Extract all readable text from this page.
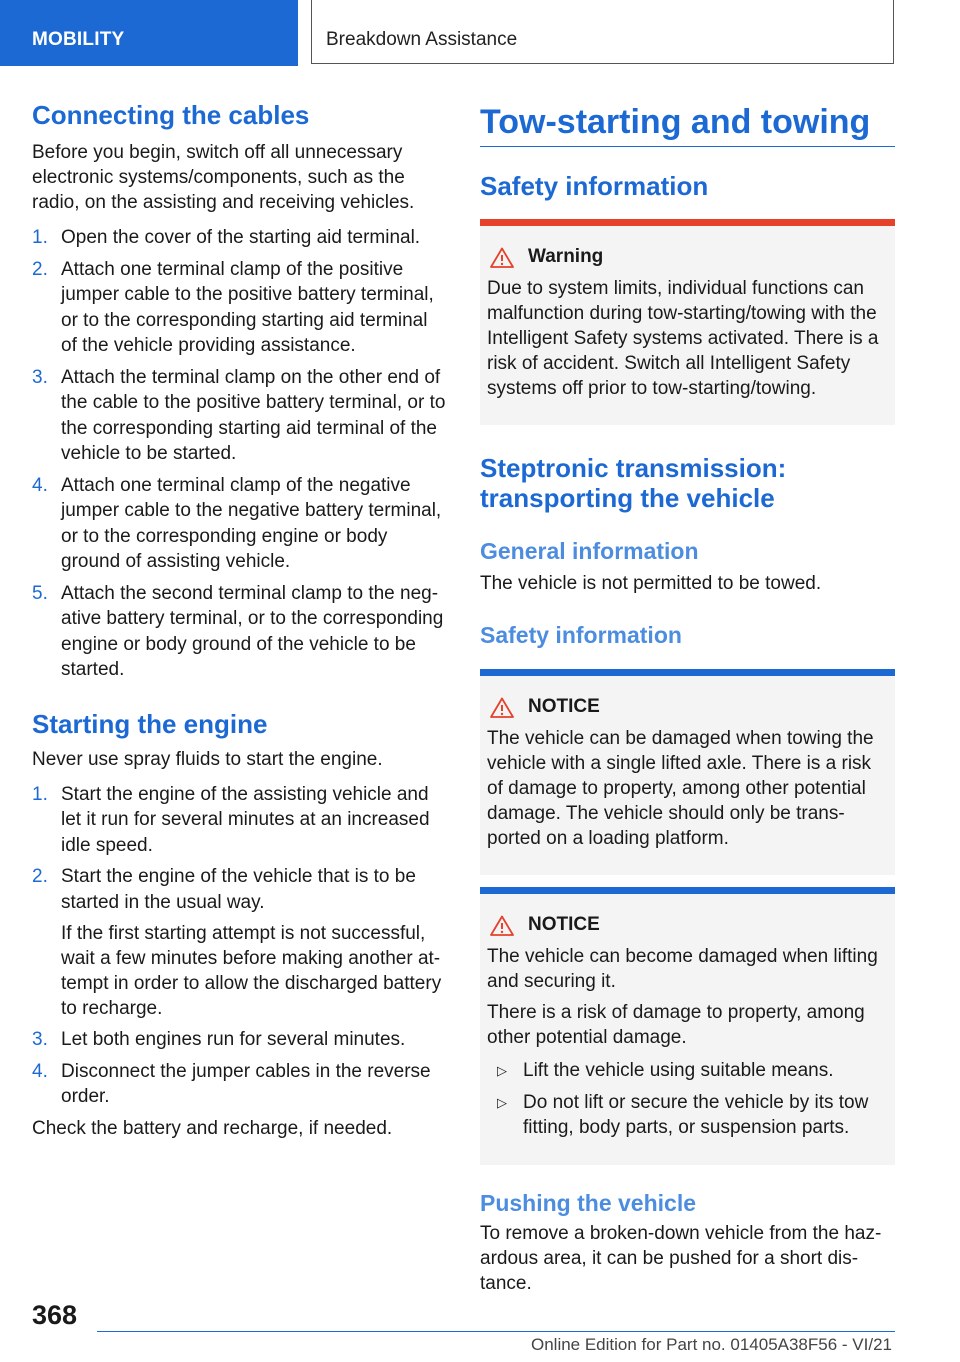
MOBILITY	Breakdown Assistance
Connecting the cables

Before you begin, switch off all unnecessary electronic systems/components, such as the radio, on the assisting and receiving vehicles.

1. Open the cover of the starting aid terminal.
2. Attach one terminal clamp of the positive jumper cable to the positive battery terminal, or to the corresponding starting aid terminal of the vehicle providing assistance.
3. Attach the terminal clamp on the other end of the cable to the positive battery terminal, or to the corresponding starting aid terminal of the vehicle to be started.
4. Attach one terminal clamp of the negative jumper cable to the negative battery terminal, or to the corresponding engine or body ground of assisting vehicle.
5. Attach the second terminal clamp to the neg‐ative battery terminal, or to the corresponding engine or body ground of the vehicle to be started.
Starting the engine

Never use spray fluids to start the engine.

1. Start the engine of the assisting vehicle and let it run for several minutes at an increased idle speed.
2. Start the engine of the vehicle that is to be started in the usual way.

If the first starting attempt is not successful, wait a few minutes before making another at‐tempt in order to allow the discharged battery to recharge.

3. Let both engines run for several minutes.
4. Disconnect the jumper cables in the reverse order.

Check the battery and recharge, if needed.

Tow-starting and towing
Safety information
Warning

Due to system limits, individual functions can malfunction during tow-starting/towing with the Intelligent Safety systems activated. There is a risk of accident. Switch all Intelligent Safety systems off prior to tow-starting/towing.

Steptronic transmission: transporting the vehicle
General information

The vehicle is not permitted to be towed.

Safety information
NOTICE

The vehicle can be damaged when towing the vehicle with a single lifted axle. There is a risk of damage to property, among other potential damage. The vehicle should only be trans‐ported on a loading platform.

NOTICE

The vehicle can become damaged when lifting and securing it.

There is a risk of damage to property, among other potential damage.

▷ Lift the vehicle using suitable means.
▷ Do not lift or secure the vehicle by its tow fitting, body parts, or suspension parts.
Pushing the vehicle

To remove a broken-down vehicle from the haz‐ardous area, it can be pushed for a short dis‐tance.

368
Online Edition for Part no. 01405A38F56 - VI/21
